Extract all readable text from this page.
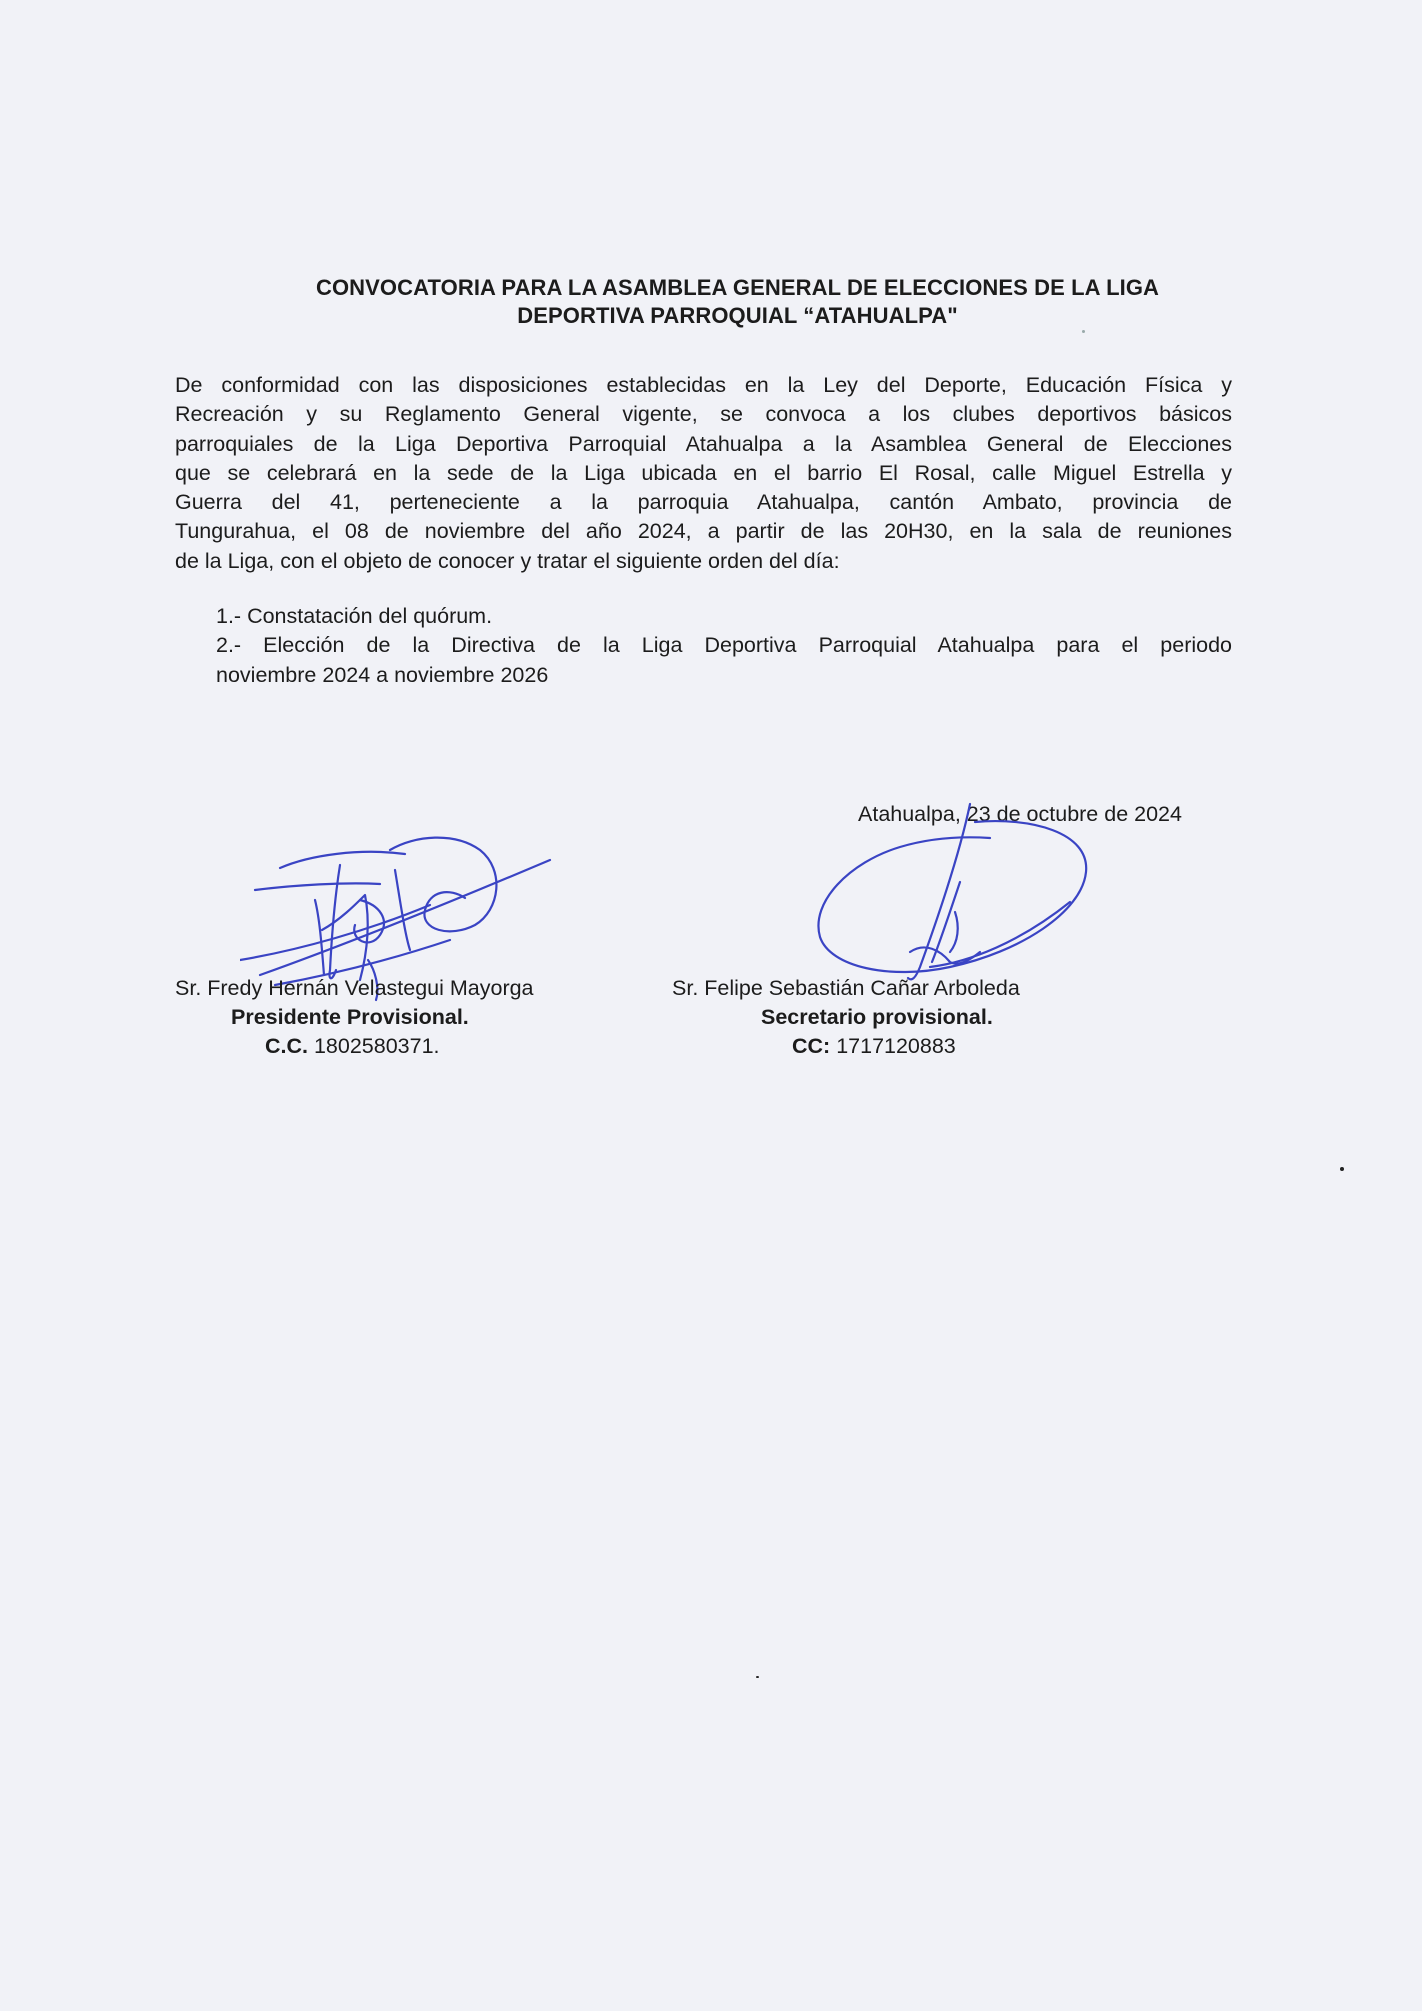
CONVOCATORIA PARA LA ASAMBLEA GENERAL DE ELECCIONES DE LA LIGA
DEPORTIVA PARROQUIAL “ATAHUALPA"
De conformidad con las disposiciones establecidas en la Ley del Deporte, Educación Física y
Recreación y su Reglamento General vigente, se convoca a los clubes deportivos básicos
parroquiales de la Liga Deportiva Parroquial Atahualpa a la Asamblea General de Elecciones
que se celebrará en la sede de la Liga ubicada en el barrio El Rosal, calle Miguel Estrella y
Guerra del 41, perteneciente a la parroquia Atahualpa, cantón Ambato, provincia de
Tungurahua, el 08 de noviembre del año 2024, a partir de las 20H30, en la sala de reuniones
de la Liga, con el objeto de conocer y tratar el siguiente orden del día:
1.- Constatación del quórum.
2.- Elección de la Directiva de la Liga Deportiva Parroquial Atahualpa para el periodo
noviembre 2024 a noviembre 2026
Atahualpa, 23 de octubre de 2024
Sr. Fredy Hernán Velastegui Mayorga
Presidente Provisional.
C.C. 1802580371.
Sr. Felipe Sebastián Cañar Arboleda
Secretario provisional.
CC: 1717120883
